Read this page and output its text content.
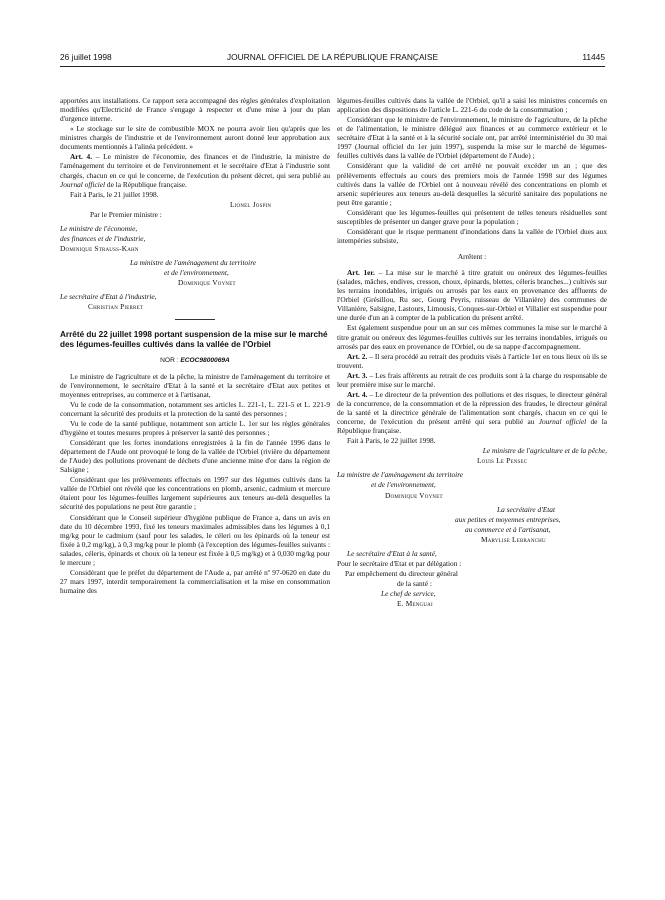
26 juillet 1998	JOURNAL OFFICIEL DE LA RÉPUBLIQUE FRANÇAISE	11445

apportées aux installations. Ce rapport sera accompagné des règles générales d'exploitation modifiées qu'Electricité de France s'engage à respecter et d'une mise à jour du plan d'urgence interne.

« Le stockage sur le site de combustible MOX ne pourra avoir lieu qu'après que les ministres chargés de l'industrie et de l'environnement auront donné leur approbation aux documents mentionnés à l'alinéa précédent. »

Art. 4. – Le ministre de l'économie, des finances et de l'industrie, la ministre de l'aménagement du territoire et de l'environnement et le secrétaire d'Etat à l'industrie sont chargés, chacun en ce qui le concerne, de l'exécution du présent décret, qui sera publié au Journal officiel de la République française.

Fait à Paris, le 21 juillet 1998.

Lionel Jospin

Par le Premier ministre :

Le ministre de l'économie,

des finances et de l'industrie,

Dominique Strauss-Kahn

La ministre de l'aménagement du territoire

et de l'environnement,

Dominique Voynet

Le secrétaire d'Etat à l'industrie,

Christian Pierret

Arrêté du 22 juillet 1998 portant suspension de la mise sur le marché des légumes-feuilles cultivés dans la vallée de l'Orbiel

NOR : ECOC9800069A

Le ministre de l'agriculture et de la pêche, la ministre de l'aménagement du territoire et de l'environnement, le secrétaire d'Etat à la santé et la secrétaire d'Etat aux petites et moyennes entreprises, au commerce et à l'artisanat,

Vu le code de la consommation, notamment ses articles L. 221-1, L. 221-5 et L. 221-9 concernant la sécurité des produits et la protection de la santé des personnes ;

Vu le code de la santé publique, notamment son article L. 1er sur les règles générales d'hygiène et toutes mesures propres à préserver la santé des personnes ;

Considérant que les fortes inondations enregistrées à la fin de l'année 1996 dans le département de l'Aude ont provoqué le long de la vallée de l'Orbiel (rivière du département de l'Aude) des pollutions provenant de déchets d'une ancienne mine d'or dans la région de Salsigne ;

Considérant que les prélèvements effectués en 1997 sur des légumes cultivés dans la vallée de l'Orbiel ont révélé que les concentrations en plomb, arsenic, cadmium et mercure étaient pour les légumes-feuilles largement supérieures aux teneurs au-delà desquelles la sécurité des populations ne peut être garantie ;

Considérant que le Conseil supérieur d'hygiène publique de France a, dans un avis en date du 10 décembre 1993, fixé les teneurs maximales admissibles dans les légumes à 0,1 mg/kg pour le cadmium (sauf pour les salades, le céleri ou les épinards où la teneur est fixée à 0,2 mg/kg), à 0,3 mg/kg pour le plomb (à l'exception des légumes-feuilles suivants : salades, céleris, épinards et choux où la teneur est fixée à 0,5 mg/kg) et à 0,030 mg/kg pour le mercure ;

Considérant que le préfet du département de l'Aude a, par arrêté nº 97-0620 en date du 27 mars 1997, interdit temporairement la commercialisation et la mise en consommation humaine des

légumes-feuilles cultivés dans la vallée de l'Orbiel, qu'il a saisi les ministres concernés en application des dispositions de l'article L. 221-6 du code de la consommation ;

Considérant que le ministre de l'environnement, le ministre de l'agriculture, de la pêche et de l'alimentation, le ministre délégué aux finances et au commerce extérieur et le secrétaire d'Etat à la santé et à la sécurité sociale ont, par arrêté interministériel du 30 mai 1997 (Journal officiel du 1er juin 1997), suspendu la mise sur le marché de légumes-feuilles cultivés dans la vallée de l'Orbiel (département de l'Aude) ;

Considérant que la validité de cet arrêté ne pouvait excéder un an ; que des prélèvements effectués au cours des premiers mois de l'année 1998 sur des légumes cultivés dans la vallée de l'Orbiel ont à nouveau révélé des concentrations en plomb et arsenic supérieures aux teneurs au-delà desquelles la sécurité sanitaire des populations ne peut être garantie ;

Considérant que les légumes-feuilles qui présentent de telles teneurs résiduelles sont susceptibles de présenter un danger grave pour la population ;

Considérant que le risque permanent d'inondations dans la vallée de l'Orbiel dues aux intempéries subsiste,

Arrêtent :

Art. 1er. – La mise sur le marché à titre gratuit ou onéreux des légumes-feuilles (salades, mâches, endives, cresson, choux, épinards, blettes, céleris branches...) cultivés sur les terrains inondables, irrigués ou arrosés par les eaux en provenance des affluents de l'Orbiel (Grésillou, Ru sec, Gourg Peyris, ruisseau de Villanière) des communes de Villanière, Salsigne, Lastours, Limousis, Conques-sur-Orbiel et Villalier est suspendue pour une durée d'un an à compter de la publication du présent arrêté.

Est également suspendue pour un an sur ces mêmes communes la mise sur le marché à titre gratuit ou onéreux des légumes-feuilles cultivés sur les terrains inondables, irrigués ou arrosés par des eaux en provenance de l'Orbiel, ou de sa nappe d'accompagnement.

Art. 2. – Il sera procédé au retrait des produits visés à l'article 1er en tous lieux où ils se trouvent.

Art. 3. – Les frais afférents au retrait de ces produits sont à la charge du responsable de leur première mise sur le marché.

Art. 4. – Le directeur de la prévention des pollutions et des risques, le directeur général de la concurrence, de la consommation et de la répression des fraudes, le directeur général de la santé et la directrice générale de l'alimentation sont chargés, chacun en ce qui le concerne, de l'exécution du présent arrêté qui sera publié au Journal officiel de la République française.

Fait à Paris, le 22 juillet 1998.

Le ministre de l'agriculture et de la pêche,

Louis Le Pensec

La ministre de l'aménagement du territoire

et de l'environnement,

Dominique Voynet

La secrétaire d'Etat

aux petites et moyennes entreprises,

au commerce et à l'artisanat,

Marylise Lebranchu

Le secrétaire d'Etat à la santé,

Pour le secrétaire d'Etat et par délégation :

Par empêchement du directeur général

de la santé :

Le chef de service,

E. Menguai
